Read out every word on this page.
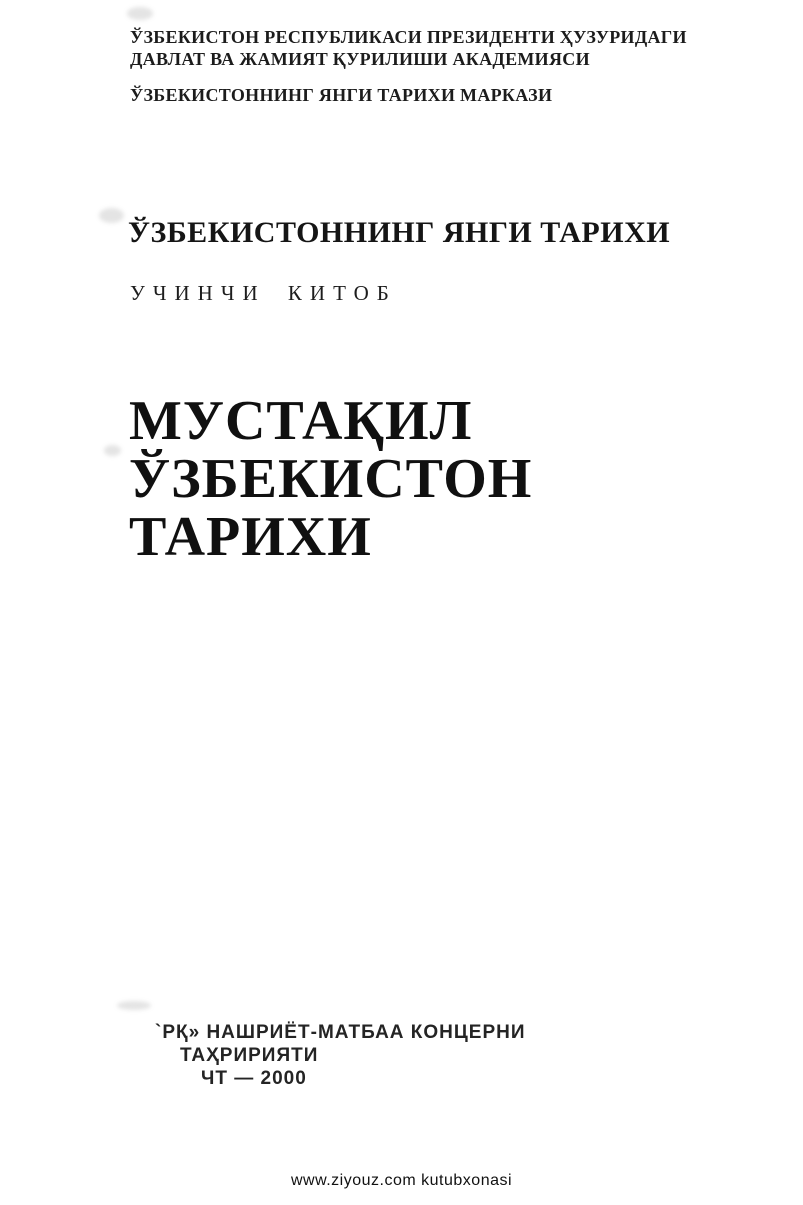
ЎЗБЕКИСТОН РЕСПУБЛИКАСИ ПРЕЗИДЕНТИ ҲУЗУРИДАГИ
ДАВЛАТ ВА ЖАМИЯТ ҚУРИЛИШИ АКАДЕМИЯСИ
ЎЗБЕКИСТОННИНГ ЯНГИ ТАРИХИ МАРКАЗИ
ЎЗБЕКИСТОННИНГ ЯНГИ ТАРИХИ
УЧИНЧИ КИТОБ
МУСТАҚИЛ
ЎЗБЕКИСТОН
ТАРИХИ
`РҚ» НАШРИЁТ-МАТБАА КОНЦЕРНИ
ТАҲРИРИЯТИ
ЧТ — 2000
www.ziyouz.com kutubxonasi
